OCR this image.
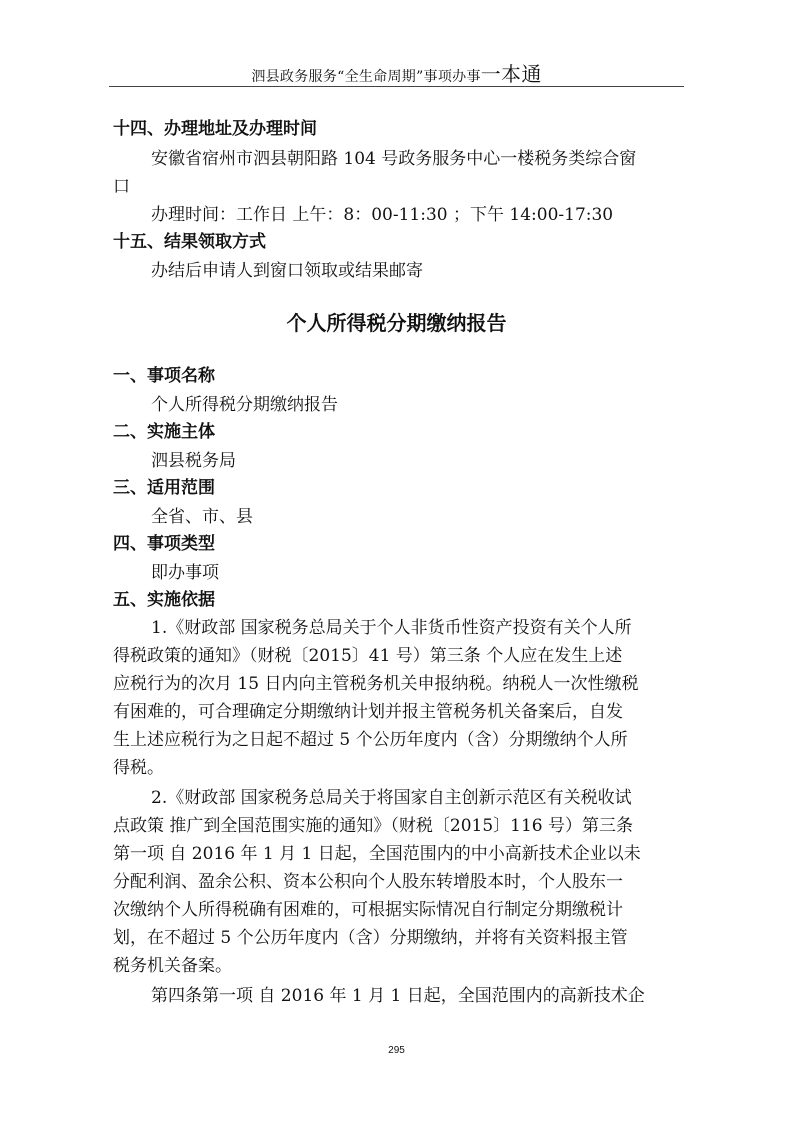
泗县政务服务“全生命周期”事项办事一本通
十四、办理地址及办理时间
安徽省宿州市泗县朝阳路 104 号政务服务中心一楼税务类综合窗
口
办理时间：工作日 上午：8：00-11:30 ；下午 14:00-17:30
十五、结果领取方式
办结后申请人到窗口领取或结果邮寄
个人所得税分期缴纳报告
一、事项名称
个人所得税分期缴纳报告
二、实施主体
泗县税务局
三、适用范围
全省、市、县
四、事项类型
即办事项
五、实施依据
1.《财政部 国家税务总局关于个人非货币性资产投资有关个人所
得税政策的通知》（财税〔2015〕41 号）第三条 个人应在发生上述
应税行为的次月 15 日内向主管税务机关申报纳税。纳税人一次性缴税
有困难的，可合理确定分期缴纳计划并报主管税务机关备案后，自发
生上述应税行为之日起不超过 5 个公历年度内（含）分期缴纳个人所
得税。
2.《财政部 国家税务总局关于将国家自主创新示范区有关税收试
点政策 推广到全国范围实施的通知》（财税〔2015〕116 号）第三条
第一项 自 2016 年 1 月 1 日起，全国范围内的中小高新技术企业以未
分配利润、盈余公积、资本公积向个人股东转增股本时，个人股东一
次缴纳个人所得税确有困难的，可根据实际情况自行制定分期缴税计
划，在不超过 5 个公历年度内（含）分期缴纳，并将有关资料报主管
税务机关备案。
第四条第一项 自 2016 年 1 月 1 日起，全国范围内的高新技术企
295
